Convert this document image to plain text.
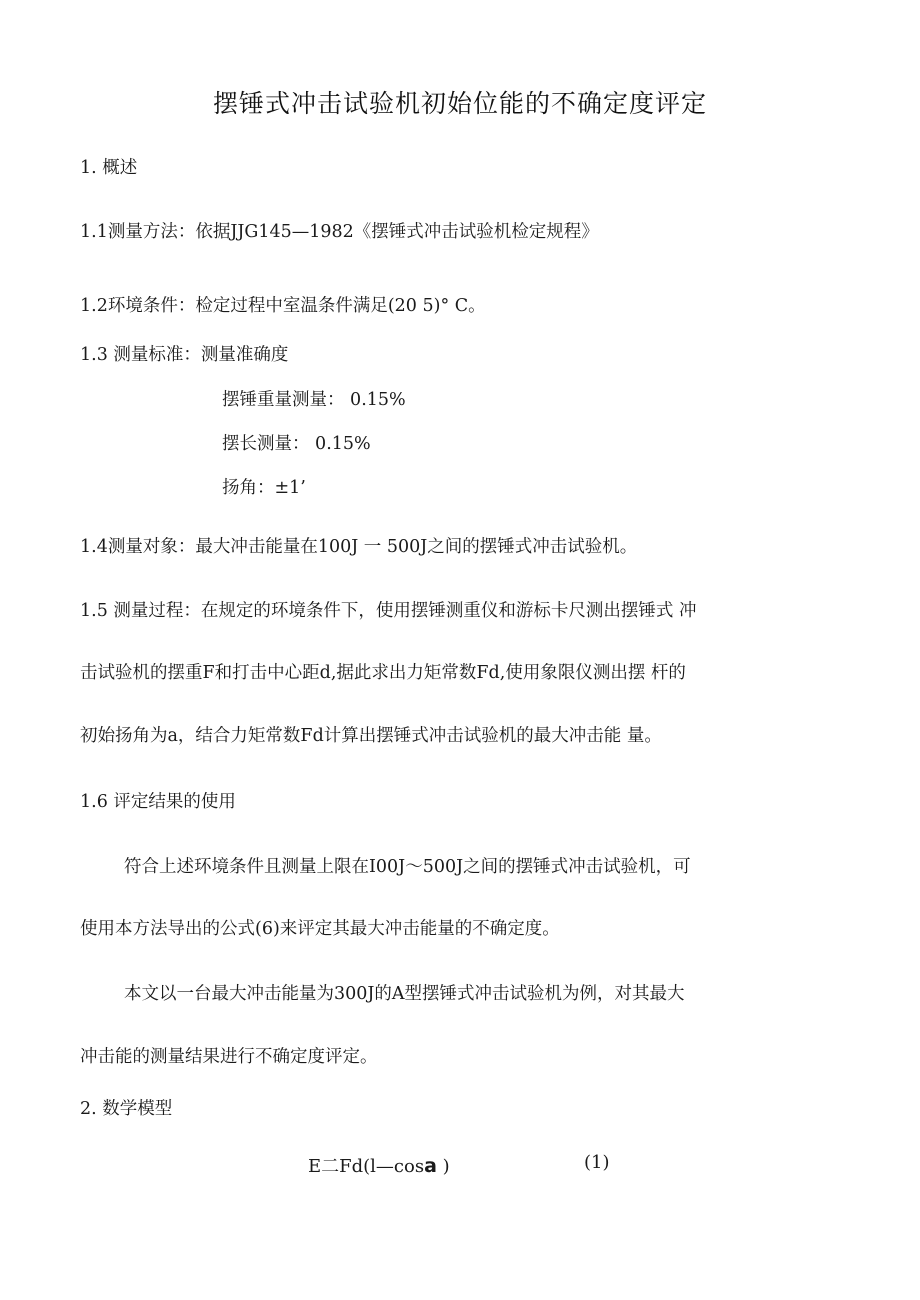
摆锤式冲击试验机初始位能的不确定度评定
1. 概述
1.1测量方法：依据JJG145—1982《摆锤式冲击试验机检定规程》
1.2环境条件：检定过程中室温条件满足(20 5)° C。
1.3 测量标准：测量准确度
摆锤重量测量： 0.15%
摆长测量： 0.15%
扬角：±1’
1.4测量对象：最大冲击能量在100J 一 500J之间的摆锤式冲击试验机。
1.5 测量过程：在规定的环境条件下，使用摆锤测重仪和游标卡尺测出摆锤式 冲
击试验机的摆重F和打击中心距d,据此求出力矩常数Fd,使用象限仪测出摆 杆的
初始扬角为a，结合力矩常数Fd计算出摆锤式冲击试验机的最大冲击能 量。
1.6 评定结果的使用
符合上述环境条件且测量上限在I00J〜500J之间的摆锤式冲击试验机，可
使用本方法导出的公式(6)来评定其最大冲击能量的不确定度。
本文以一台最大冲击能量为300J的A型摆锤式冲击试验机为例，对其最大
冲击能的测量结果进行不确定度评定。
2. 数学模型
E二Fd(l—cosa )	(1)
